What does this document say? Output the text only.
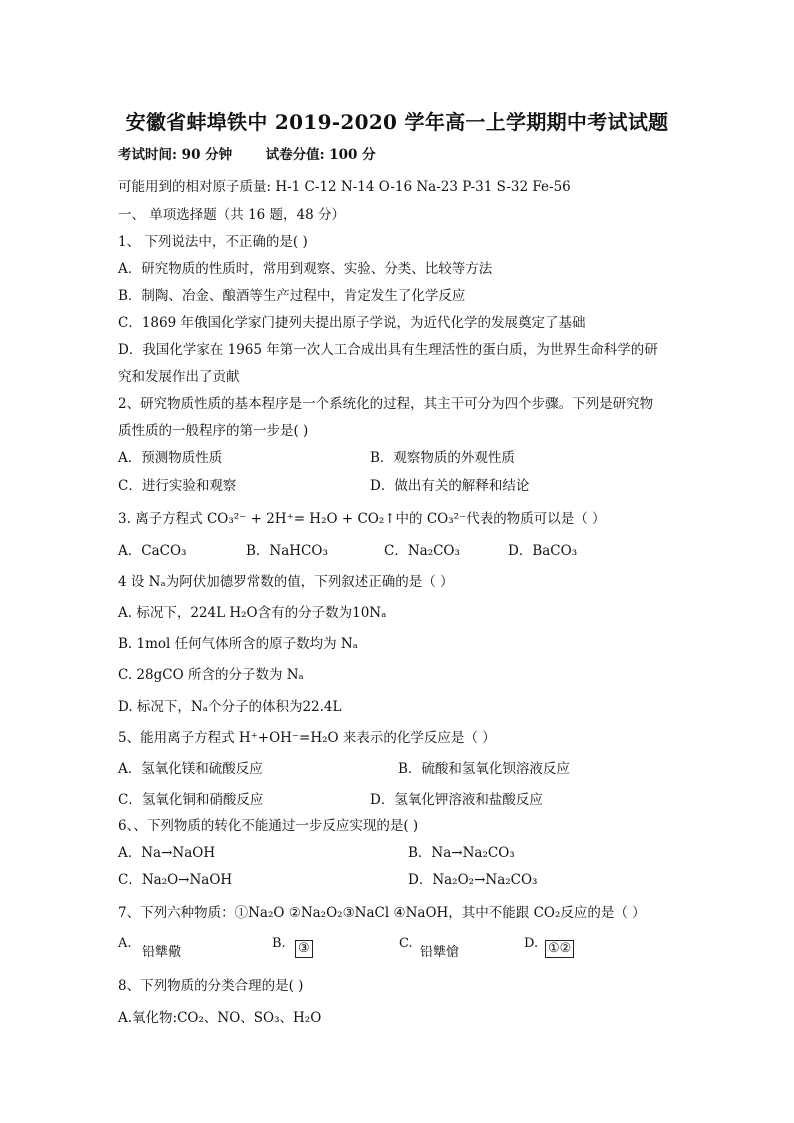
安徽省蚌埠铁中 2019-2020 学年高一上学期期中考试试题
考试时间: 90 分钟 试卷分值: 100 分
可能用到的相对原子质量: H-1 C-12 N-14 O-16 Na-23 P-31 S-32 Fe-56
一、 单项选择题（共 16 题，48 分）
1、 下列说法中，不正确的是( )
A．研究物质的性质时，常用到观察、实验、分类、比较等方法
B．制陶、冶金、酿酒等生产过程中，肯定发生了化学反应
C．1869 年俄国化学家门捷列夫提出原子学说，为近代化学的发展奠定了基础
D．我国化学家在 1965 年第一次人工合成出具有生理活性的蛋白质，为世界生命科学的研
究和发展作出了贡献
2、研究物质性质的基本程序是一个系统化的过程，其主干可分为四个步骤。下列是研究物
质性质的一般程序的第一步是( )
A．预测物质性质	B．观察物质的外观性质
C．进行实验和观察	D．做出有关的解释和结论
3. 离子方程式 CO₃²⁻ + 2H⁺= H₂O + CO₂↑中的 CO₃²⁻代表的物质可以是（ ）
A．CaCO₃	B．NaHCO₃	C．Na₂CO₃	D．BaCO₃
4 设 Nₐ为阿伏加德罗常数的值，下列叙述正确的是（ ）
A. 标况下，224L H₂O含有的分子数为10Nₐ
B. 1mol 任何气体所含的原子数均为 Nₐ
C. 28gCO 所含的分子数为 Nₐ
D. 标况下，Nₐ个分子的体积为22.4L
5、能用离子方程式 H⁺+OH⁻=H₂O 来表示的化学反应是（ ）
A．氢氧化镁和硫酸反应	B．硫酸和氢氧化钡溶液反应
C．氢氧化铜和硝酸反应	D．氢氧化钾溶液和盐酸反应
6、、下列物质的转化不能通过一步反应实现的是( )
A．Na→NaOH	B．Na→Na₂CO₃
C．Na₂O→NaOH	D．Na₂O₂→Na₂CO₃
7、下列六种物质：①Na₂O ②Na₂O₂③NaCl ④NaOH，其中不能跟 CO₂反应的是（ ）
A.
铅犨儆
B. ③	C.
铅犨愴
D. ①②
8、下列物质的分类合理的是( )
A.氧化物:CO₂、NO、SO₃、H₂O
